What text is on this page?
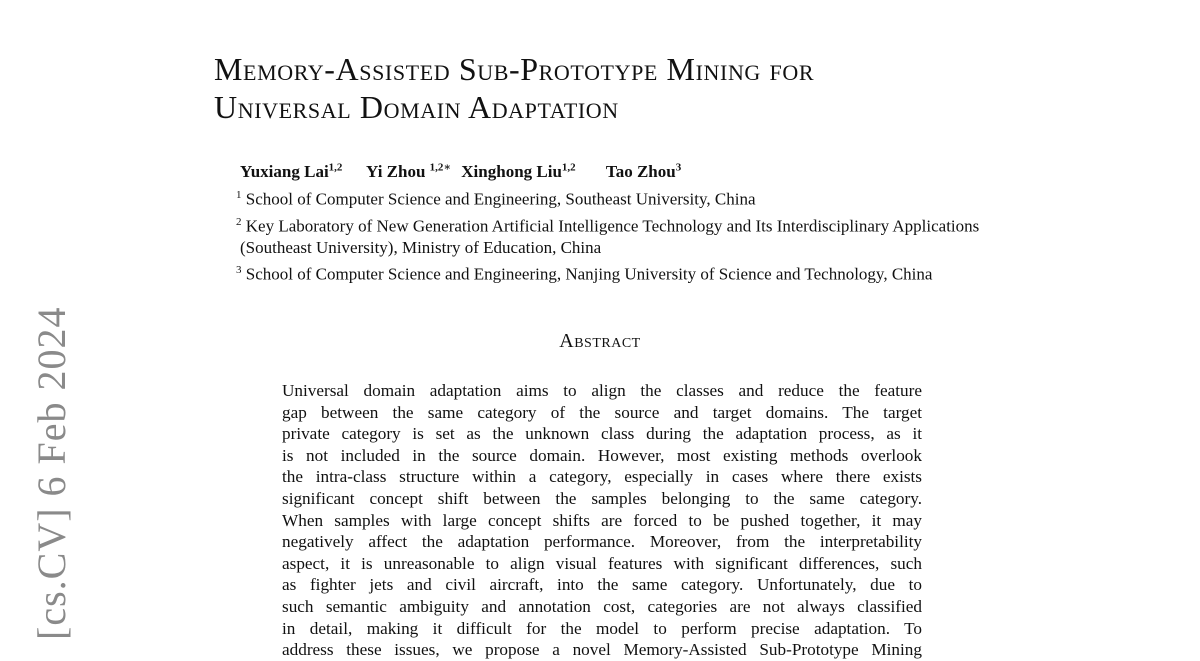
Memory-Assisted Sub-Prototype Mining for
Universal Domain Adaptation
Yuxiang Lai$^{1,2}$ Yi Zhou $^{1,2∗}$ Xinghong Liu$^{1,2}$ Tao Zhou$^3$
$^1$ School of Computer Science and Engineering, Southeast University, China
$^2$ Key Laboratory of New Generation Artificial Intelligence Technology and Its Interdisciplinary Applications
(Southeast University), Ministry of Education, China
$^3$ School of Computer Science and Engineering, Nanjing University of Science and Technology, China
Abstract
Universal domain adaptation aims to align the classes and reduce the feature
gap between the same category of the source and target domains. The target
private category is set as the unknown class during the adaptation process, as it
is not included in the source domain. However, most existing methods overlook
the intra-class structure within a category, especially in cases where there exists
significant concept shift between the samples belonging to the same category.
When samples with large concept shifts are forced to be pushed together, it may
negatively affect the adaptation performance. Moreover, from the interpretability
aspect, it is unreasonable to align visual features with significant differences, such
as fighter jets and civil aircraft, into the same category. Unfortunately, due to
such semantic ambiguity and annotation cost, categories are not always classified
in detail, making it difficult for the model to perform precise adaptation. To
address these issues, we propose a novel Memory-Assisted Sub-Prototype Mining
[cs.CV] 6 Feb 2024
